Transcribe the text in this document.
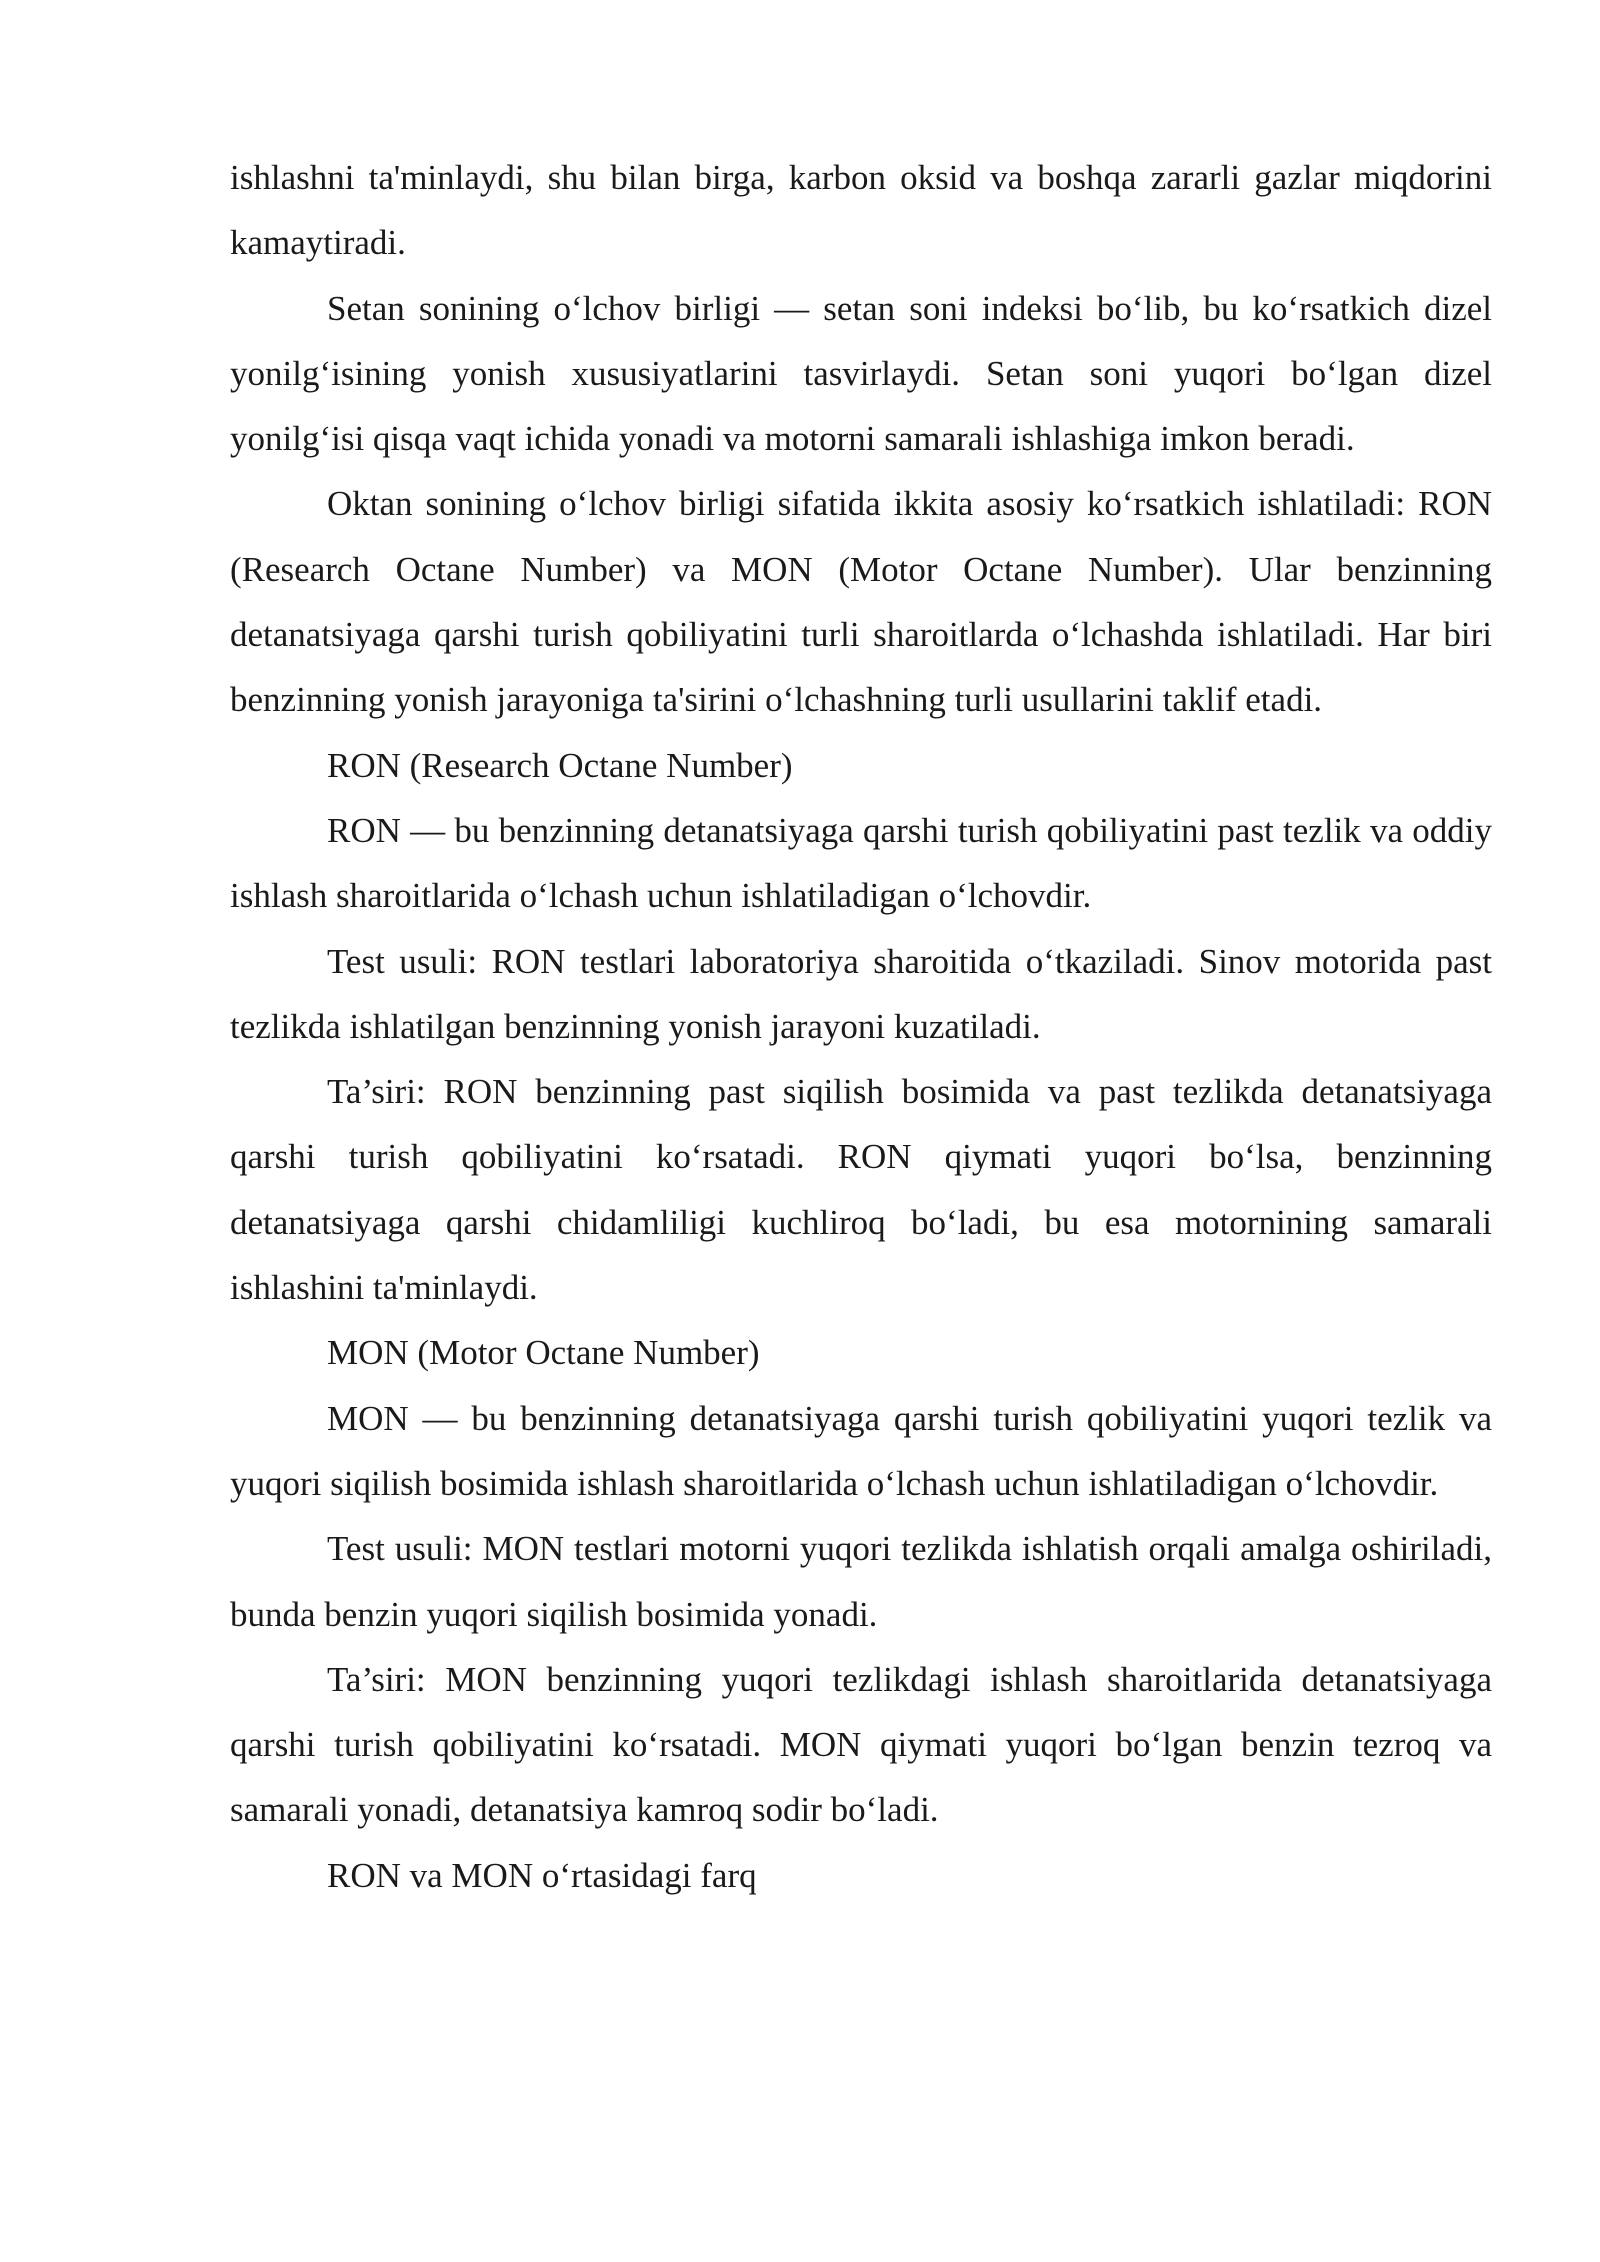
ishlashni ta'minlaydi, shu bilan birga, karbon oksid va boshqa zararli gazlar miqdorini kamaytiradi.

Setan sonining o‘lchov birligi — setan soni indeksi bo‘lib, bu ko‘rsatkich dizel yonilg‘isining yonish xususiyatlarini tasvirlaydi. Setan soni yuqori bo‘lgan dizel yonilg‘isi qisqa vaqt ichida yonadi va motorni samarali ishlashiga imkon beradi.

Oktan sonining o‘lchov birligi sifatida ikkita asosiy ko‘rsatkich ishlatiladi: RON (Research Octane Number) va MON (Motor Octane Number). Ular benzinning detanatsiyaga qarshi turish qobiliyatini turli sharoitlarda o‘lchashda ishlatiladi. Har biri benzinning yonish jarayoniga ta'sirini o‘lchashning turli usullarini taklif etadi.

RON (Research Octane Number)

RON — bu benzinning detanatsiyaga qarshi turish qobiliyatini past tezlik va oddiy ishlash sharoitlarida o‘lchash uchun ishlatiladigan o‘lchovdir.

Test usuli: RON testlari laboratoriya sharoitida o‘tkaziladi. Sinov motorida past tezlikda ishlatilgan benzinning yonish jarayoni kuzatiladi.

Ta’siri: RON benzinning past siqilish bosimida va past tezlikda detanatsiyaga qarshi turish qobiliyatini ko‘rsatadi. RON qiymati yuqori bo‘lsa, benzinning detanatsiyaga qarshi chidamliligi kuchliroq bo‘ladi, bu esa motornining samarali ishlashini ta'minlaydi.

MON (Motor Octane Number)

MON — bu benzinning detanatsiyaga qarshi turish qobiliyatini yuqori tezlik va yuqori siqilish bosimida ishlash sharoitlarida o‘lchash uchun ishlatiladigan o‘lchovdir.

Test usuli: MON testlari motorni yuqori tezlikda ishlatish orqali amalga oshiriladi, bunda benzin yuqori siqilish bosimida yonadi.

Ta’siri: MON benzinning yuqori tezlikdagi ishlash sharoitlarida detanatsiyaga qarshi turish qobiliyatini ko‘rsatadi. MON qiymati yuqori bo‘lgan benzin tezroq va samarali yonadi, detanatsiya kamroq sodir bo‘ladi.

RON va MON o‘rtasidagi farq
